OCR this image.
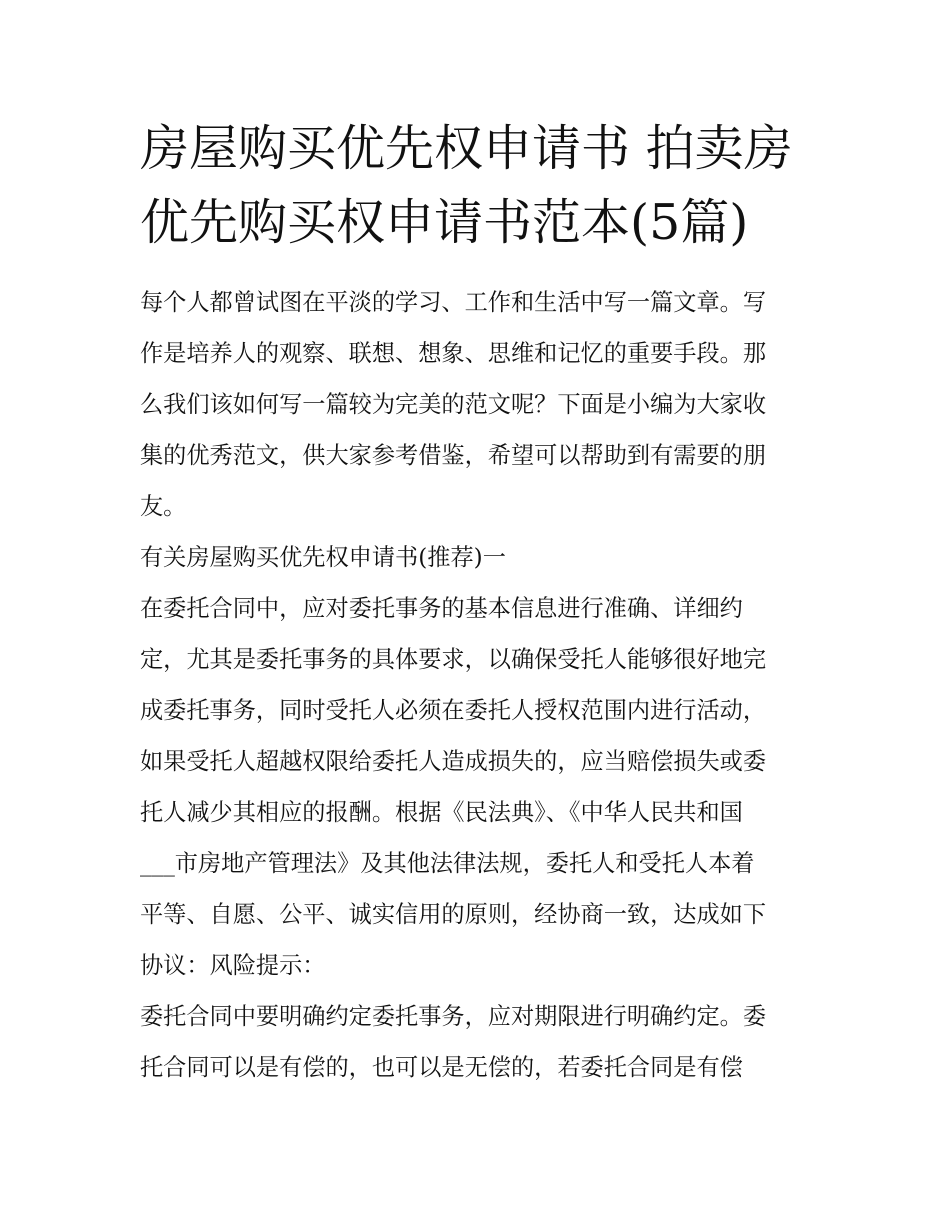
房屋购买优先权申请书 拍卖房
优先购买权申请书范本(5篇)

每个人都曾试图在平淡的学习、工作和生活中写一篇文章。写
作是培养人的观察、联想、想象、思维和记忆的重要手段。那
么我们该如何写一篇较为完美的范文呢？下面是小编为大家收
集的优秀范文，供大家参考借鉴，希望可以帮助到有需要的朋
友。

有关房屋购买优先权申请书(推荐)一

在委托合同中，应对委托事务的基本信息进行准确、详细约
定，尤其是委托事务的具体要求，以确保受托人能够很好地完
成委托事务，同时受托人必须在委托人授权范围内进行活动，
如果受托人超越权限给委托人造成损失的，应当赔偿损失或委
托人减少其相应的报酬。根据《民法典》、《中华人民共和国
___市房地产管理法》及其他法律法规，委托人和受托人本着
平等、自愿、公平、诚实信用的原则，经协商一致，达成如下
协议：风险提示：

委托合同中要明确约定委托事务，应对期限进行明确约定。委
托合同可以是有偿的，也可以是无偿的，若委托合同是有偿
